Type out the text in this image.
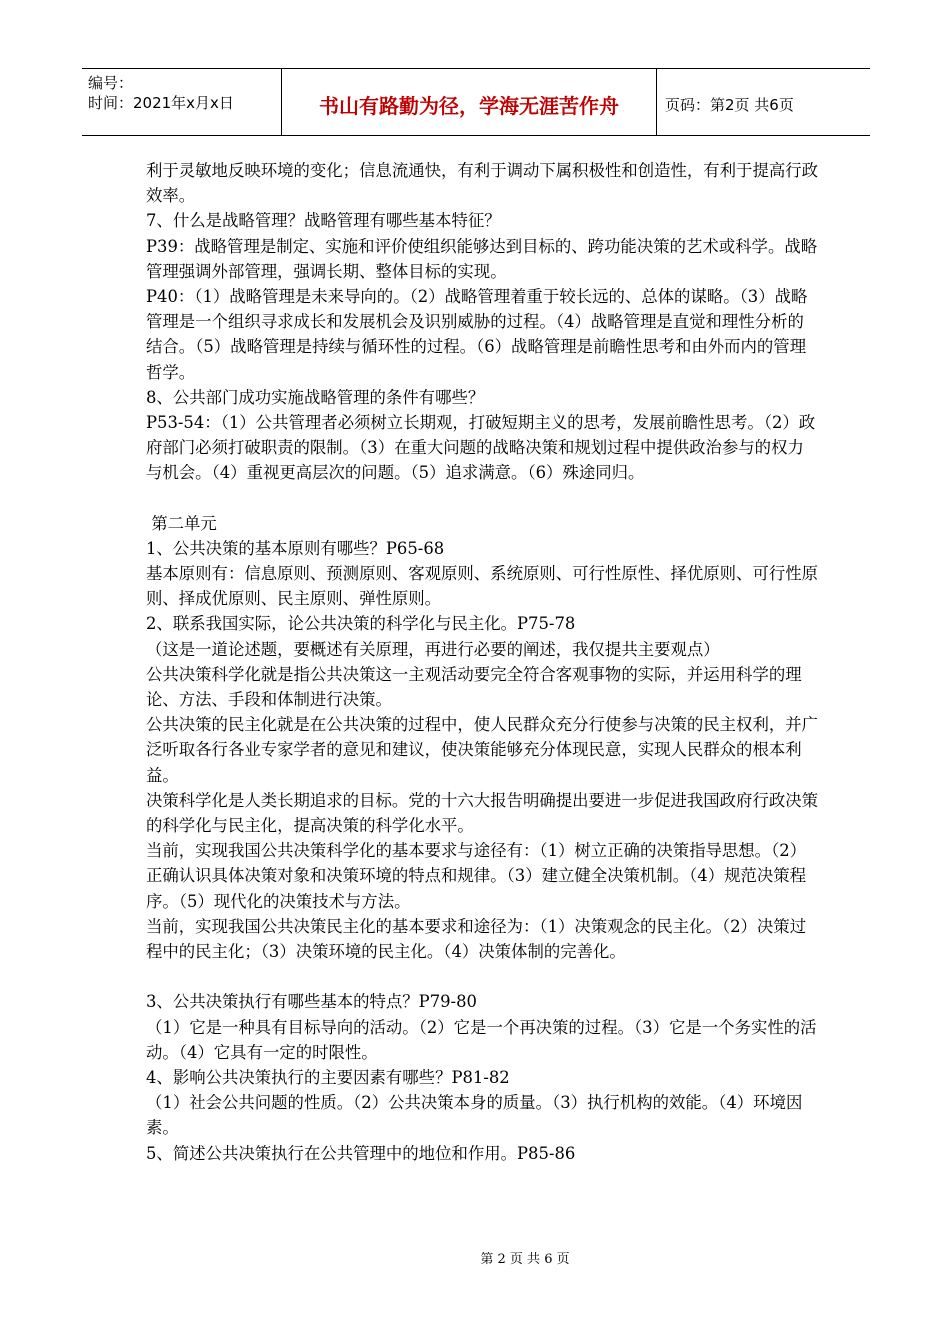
编号：
时间：2021年x月x日	书山有路勤为径，学海无涯苦作舟	页码：第2页 共6页

利于灵敏地反映环境的变化；信息流通快，有利于调动下属积极性和创造性，有利于提高行政效率。

7、什么是战略管理？战略管理有哪些基本特征？

P39：战略管理是制定、实施和评价使组织能够达到目标的、跨功能决策的艺术或科学。战略管理强调外部管理，强调长期、整体目标的实现。

P40：（1）战略管理是未来导向的。（2）战略管理着重于较长远的、总体的谋略。（3）战略管理是一个组织寻求成长和发展机会及识别威胁的过程。（4）战略管理是直觉和理性分析的结合。（5）战略管理是持续与循环性的过程。（6）战略管理是前瞻性思考和由外而内的管理哲学。

8、公共部门成功实施战略管理的条件有哪些？

P53-54：（1）公共管理者必须树立长期观，打破短期主义的思考，发展前瞻性思考。（2）政府部门必须打破职责的限制。（3）在重大问题的战略决策和规划过程中提供政治参与的权力与机会。（4）重视更高层次的问题。（5）追求满意。（6）殊途同归。

第二单元

1、公共决策的基本原则有哪些？P65-68

基本原则有：信息原则、预测原则、客观原则、系统原则、可行性原性、择优原则、可行性原则、择成优原则、民主原则、弹性原则。

2、联系我国实际，论公共决策的科学化与民主化。P75-78

（这是一道论述题，要概述有关原理，再进行必要的阐述，我仅提共主要观点）

公共决策科学化就是指公共决策这一主观活动要完全符合客观事物的实际，并运用科学的理论、方法、手段和体制进行决策。

公共决策的民主化就是在公共决策的过程中，使人民群众充分行使参与决策的民主权利，并广泛听取各行各业专家学者的意见和建议，使决策能够充分体现民意，实现人民群众的根本利益。

决策科学化是人类长期追求的目标。党的十六大报告明确提出要进一步促进我国政府行政决策的科学化与民主化，提高决策的科学化水平。

当前，实现我国公共决策科学化的基本要求与途径有：（1）树立正确的决策指导思想。（2）正确认识具体决策对象和决策环境的特点和规律。（3）建立健全决策机制。（4）规范决策程序。（5）现代化的决策技术与方法。

当前，实现我国公共决策民主化的基本要求和途径为：（1）决策观念的民主化。（2）决策过程中的民主化；（3）决策环境的民主化。（4）决策体制的完善化。

3、公共决策执行有哪些基本的特点？P79-80

（1）它是一种具有目标导向的活动。（2）它是一个再决策的过程。（3）它是一个务实性的活动。（4）它具有一定的时限性。

4、影响公共决策执行的主要因素有哪些？P81-82

（1）社会公共问题的性质。（2）公共决策本身的质量。（3）执行机构的效能。（4）环境因素。

5、简述公共决策执行在公共管理中的地位和作用。P85-86

第 2 页 共 6 页
